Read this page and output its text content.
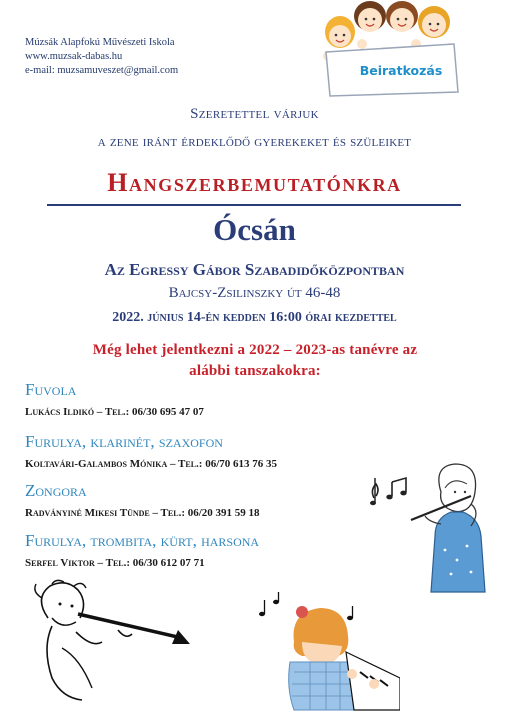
Múzsák Alapfokú Művészeti Iskola
www.muzsak-dabas.hu
e-mail: muzsamuveszet@gmail.com	Beiratkozás
Szeretettel várjuk
a zene iránt érdeklődő gyerekeket és szüleiket
Hangszerbemutatónkra
Ócsán
Az Egressy Gábor Szabadidőközpontban
Bajcsy-Zsilinszky út 46-48
2022. június 14-én kedden 16:00 órai kezdettel
Még lehet jelentkezni a 2022 – 2023-as tanévre az
alábbi tanszakokra:
Fuvola
Lukács Ildikó – Tel.: 06/30 695 47 07
Furulya, klarinét, szaxofon
Koltavári-Galambos Mónika – Tel.: 06/70 613 76 35
Zongora
Radványiné Mikesi Tünde – Tel.: 06/20 391 59 18
Furulya, trombita, kürt, harsona
Serfel Viktor – Tel.: 06/30 612 07 71
